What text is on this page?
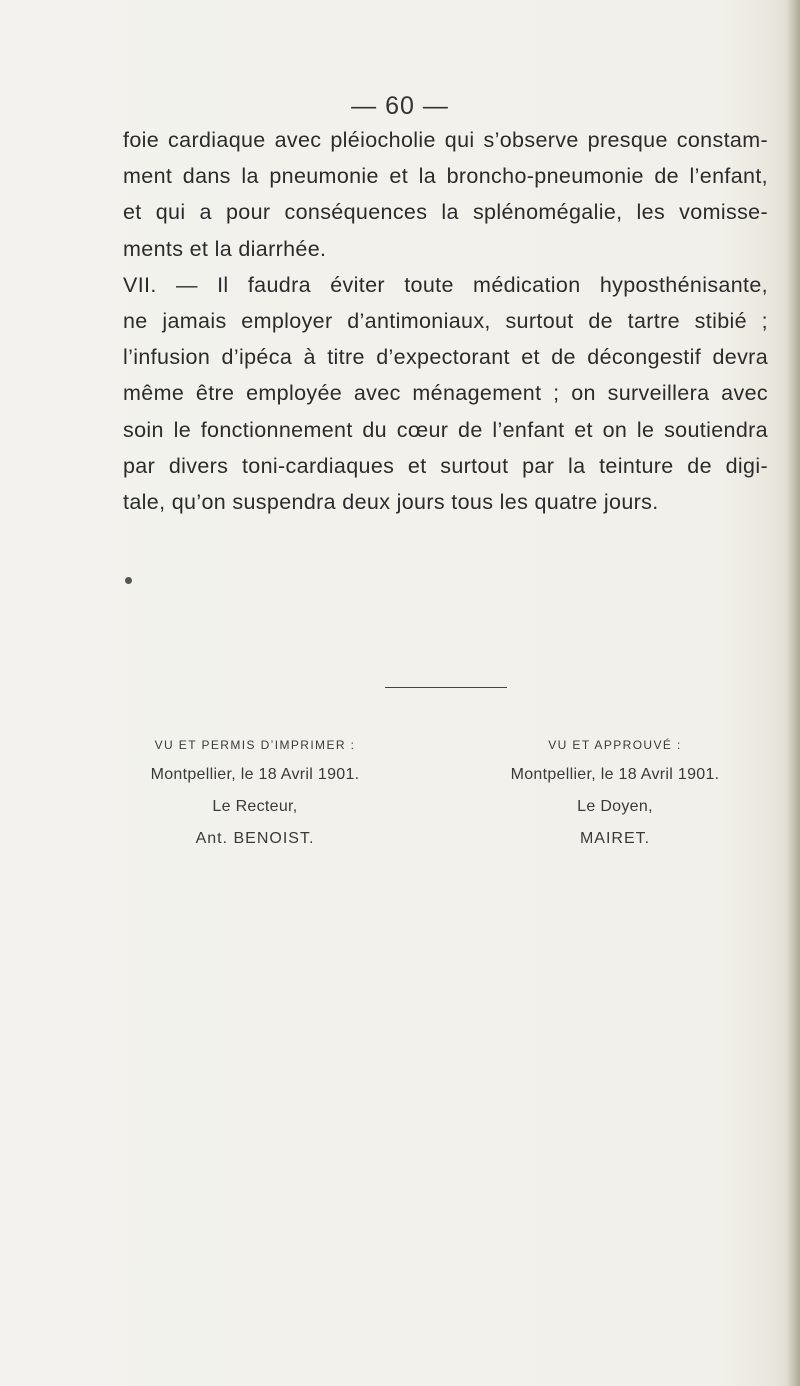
— 60 —
foie cardiaque avec pléiocholie qui s’observe presque constam-
ment dans la pneumonie et la broncho-pneumonie de l’enfant,
et qui a pour conséquences la splénomégalie, les vomisse-
ments et la diarrhée.
VII. — Il faudra éviter toute médication hyposthénisante,
ne jamais employer d’antimoniaux, surtout de tartre stibié ;
l’infusion d’ipéca à titre d’expectorant et de décongestif devra
même être employée avec ménagement ; on surveillera avec
soin le fonctionnement du cœur de l’enfant et on le soutiendra
par divers toni-cardiaques et surtout par la teinture de digi-
tale, qu’on suspendra deux jours tous les quatre jours.
VU ET PERMIS D’IMPRIMER :
Montpellier, le 18 Avril 1901.
Le Recteur,
Ant. BENOIST.
VU ET APPROUVÉ :
Montpellier, le 18 Avril 1901.
Le Doyen,
MAIRET.
